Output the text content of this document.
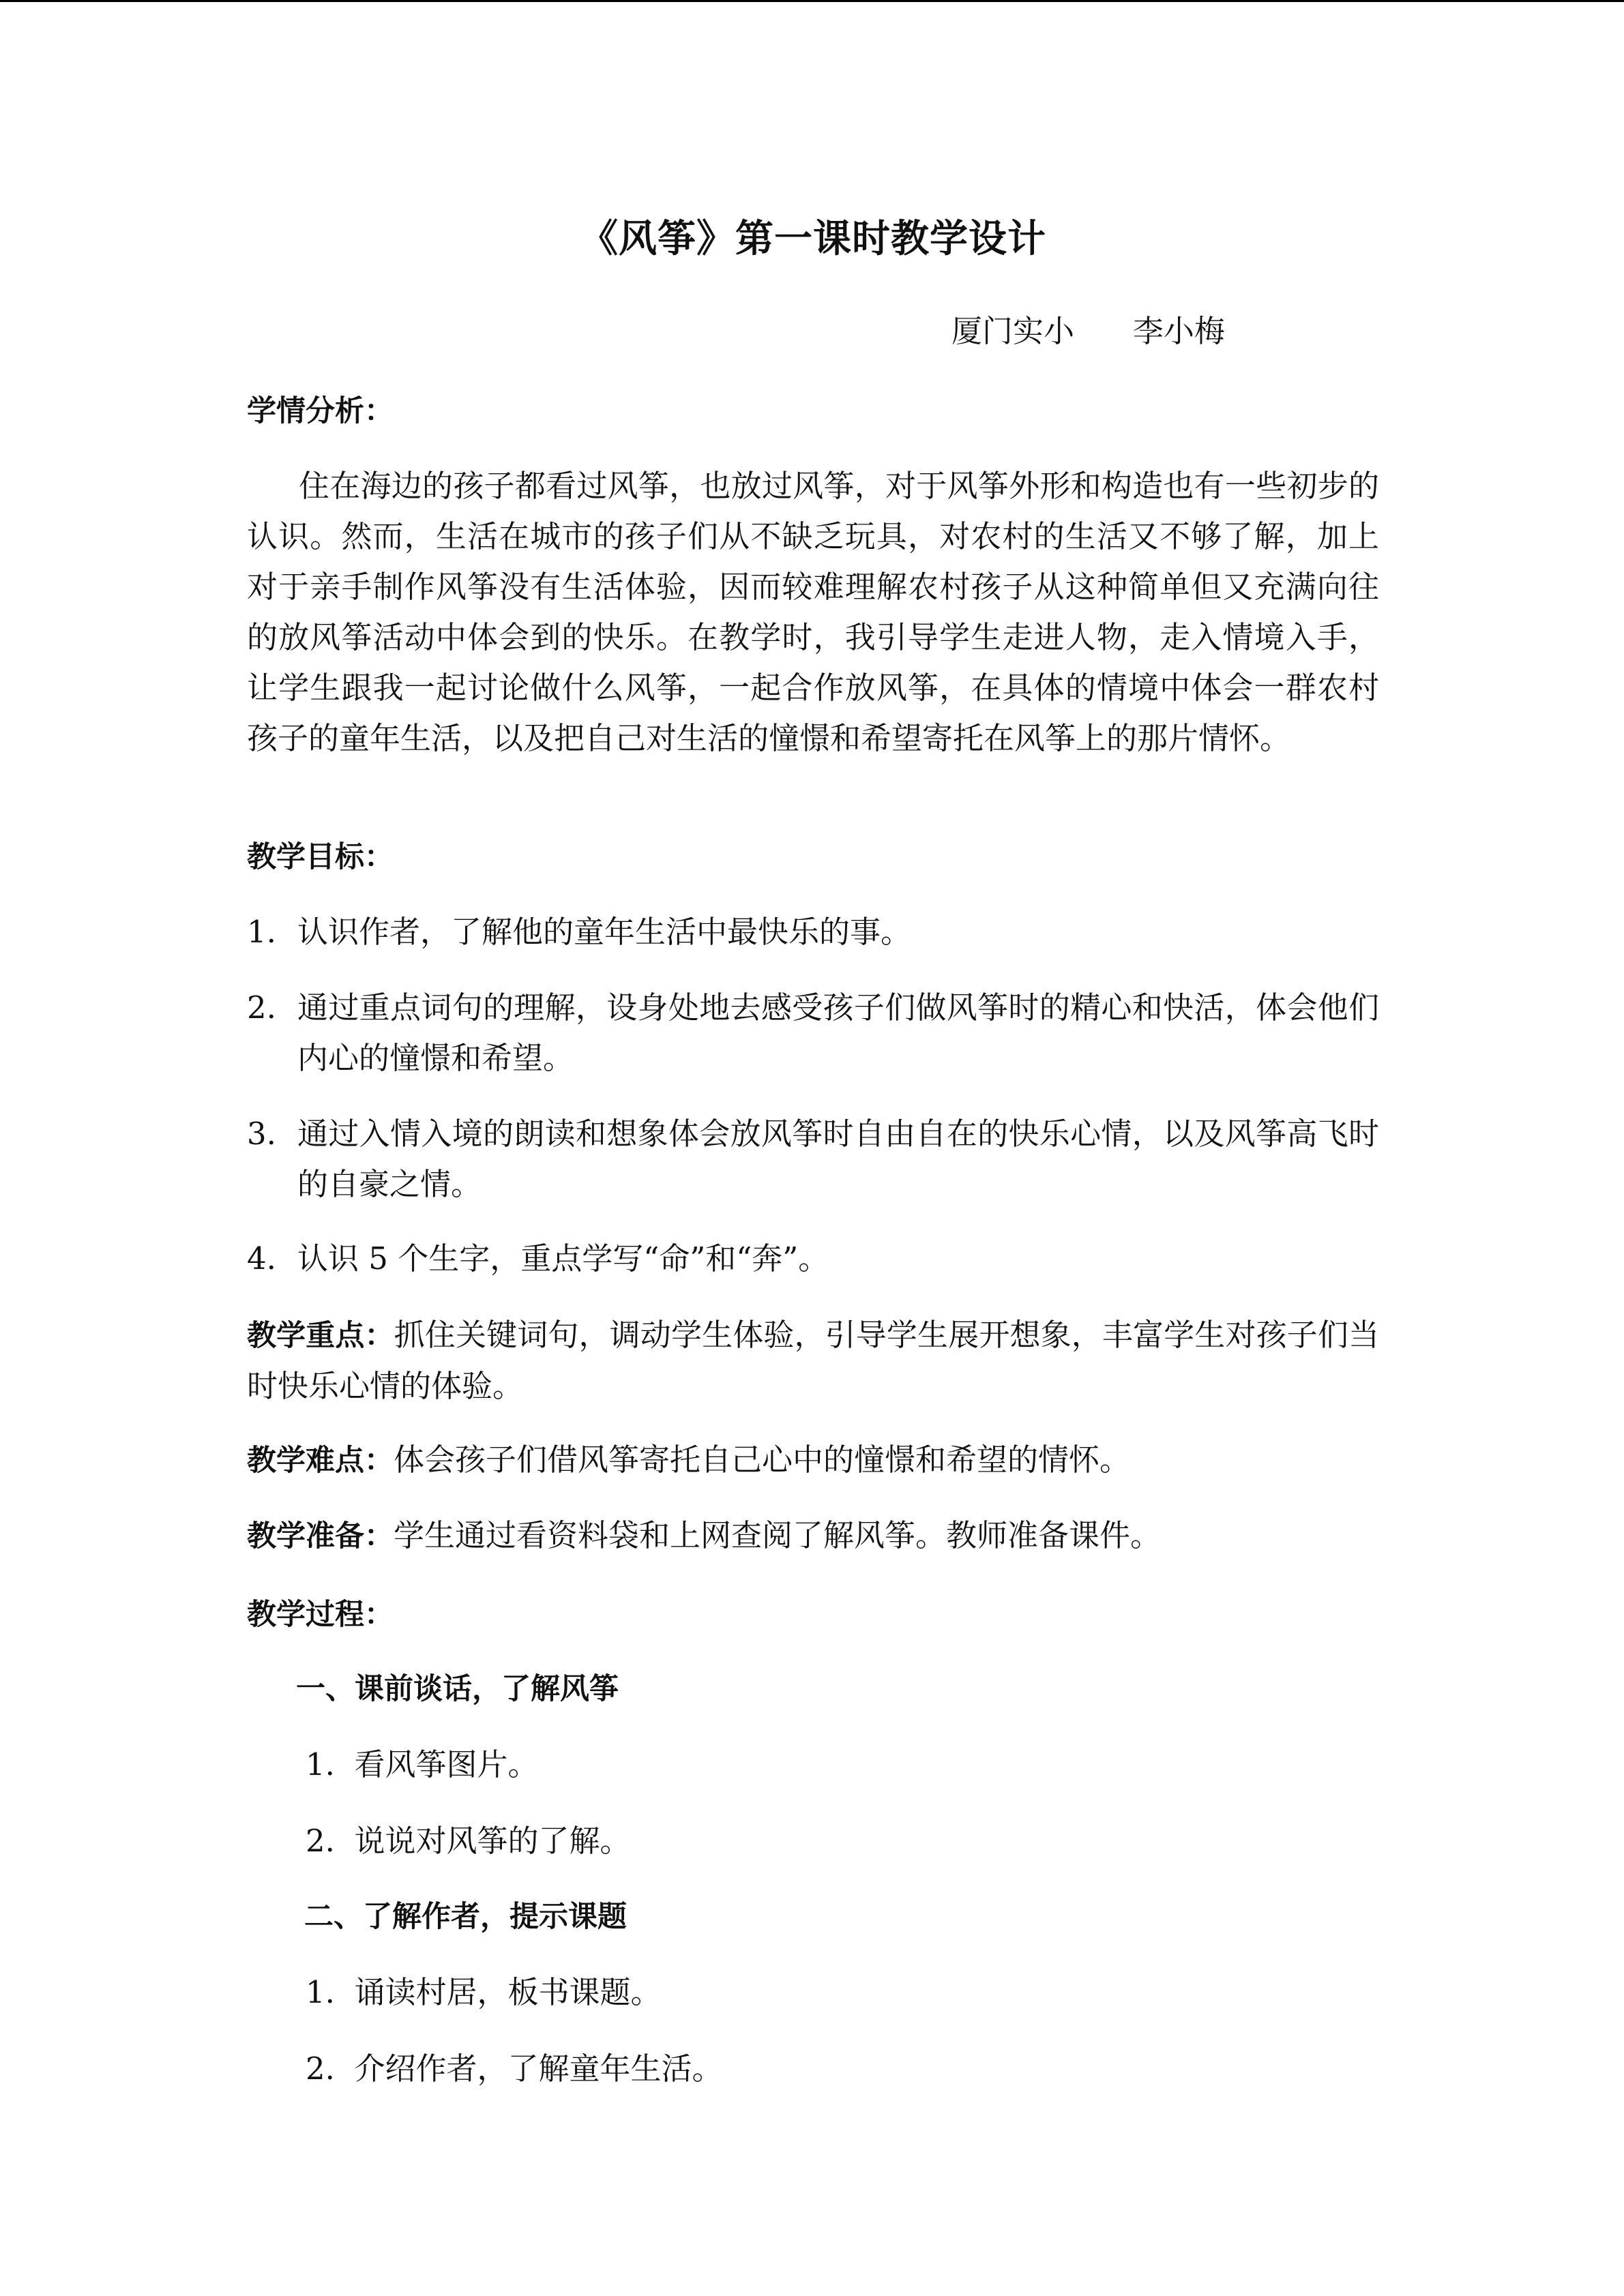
《风筝》第一课时教学设计
厦门实小 李小梅
学情分析：
住在海边的孩子都看过风筝，也放过风筝，对于风筝外形和构造也有一些初步的认识。然而，生活在城市的孩子们从不缺乏玩具，对农村的生活又不够了解，加上对于亲手制作风筝没有生活体验，因而较难理解农村孩子从这种简单但又充满向往的放风筝活动中体会到的快乐。在教学时，我引导学生走进人物，走入情境入手，让学生跟我一起讨论做什么风筝，一起合作放风筝，在具体的情境中体会一群农村孩子的童年生活，以及把自己对生活的憧憬和希望寄托在风筝上的那片情怀。
教学目标：
1. 认识作者，了解他的童年生活中最快乐的事。
2. 通过重点词句的理解，设身处地去感受孩子们做风筝时的精心和快活，体会他们内心的憧憬和希望。
3. 通过入情入境的朗读和想象体会放风筝时自由自在的快乐心情，以及风筝高飞时的自豪之情。
4. 认识 5 个生字，重点学写“命”和“奔”。
教学重点：抓住关键词句，调动学生体验，引导学生展开想象，丰富学生对孩子们当时快乐心情的体验。
教学难点：体会孩子们借风筝寄托自己心中的憧憬和希望的情怀。
教学准备：学生通过看资料袋和上网查阅了解风筝。教师准备课件。
教学过程：
一、课前谈话，了解风筝
1.  看风筝图片。
2.  说说对风筝的了解。
二、了解作者，提示课题
1.  诵读村居，板书课题。
2.  介绍作者，了解童年生活。
